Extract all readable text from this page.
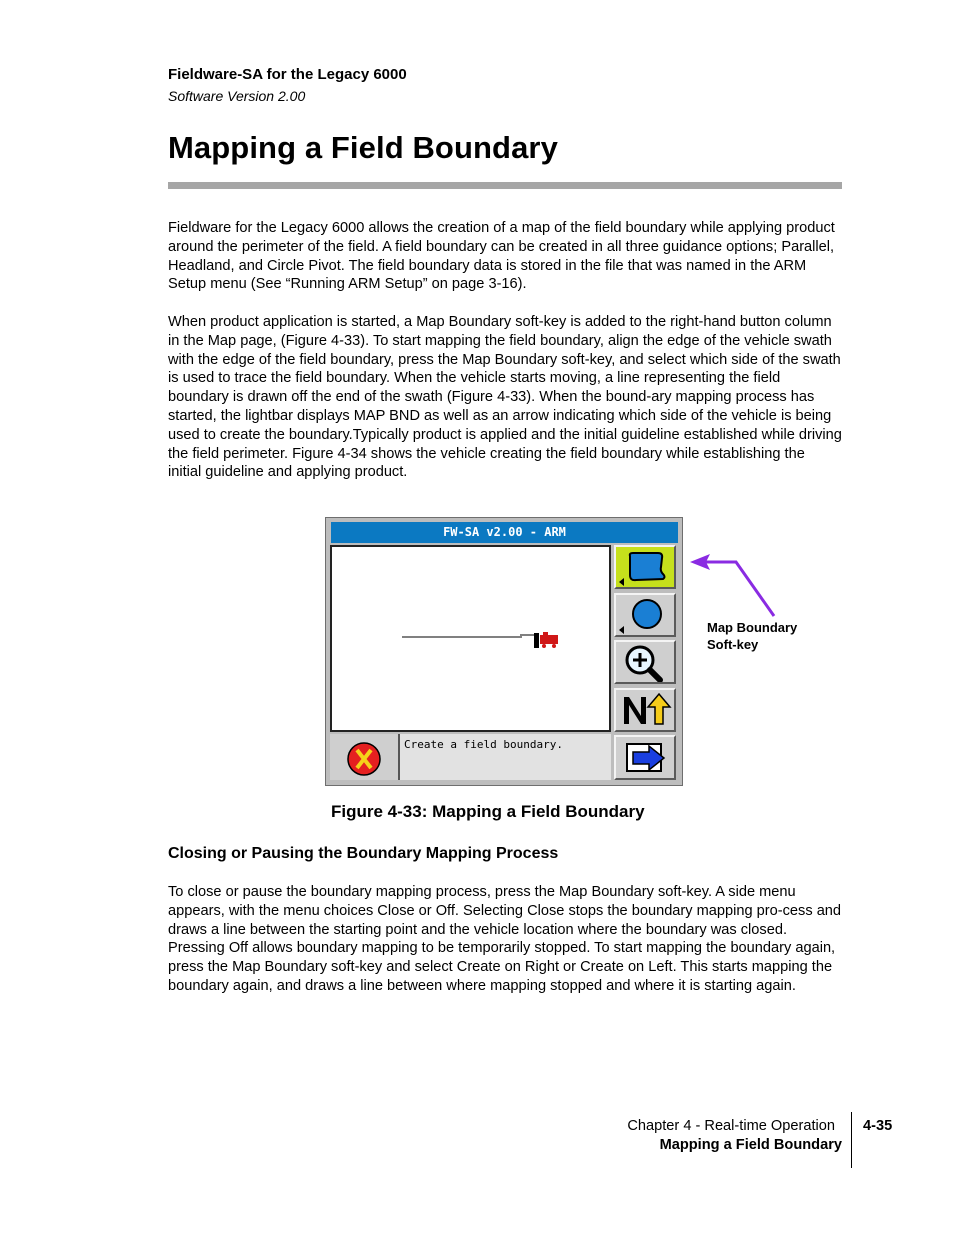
Fieldware-SA for the Legacy 6000
Software Version 2.00
Mapping a Field Boundary
Fieldware for the Legacy 6000 allows the creation of a map of the field boundary while applying product around the perimeter of the field. A field boundary can be created in all three guidance options; Parallel, Headland, and Circle Pivot. The field boundary data is stored in the file that was named in the ARM Setup menu (See “Running ARM Setup” on page 3-16).
When product application is started, a Map Boundary soft-key is added to the right-hand button column in the Map page, (Figure 4-33). To start mapping the field boundary, align the edge of the vehicle swath with the edge of the field boundary, press the Map Boundary soft-key, and select which side of the swath is used to trace the field boundary. When the vehicle starts moving, a line representing the field boundary is drawn off the end of the swath (Figure 4-33). When the bound-ary mapping process has started, the lightbar displays MAP BND as well as an arrow indicating which side of the vehicle is being used to create the boundary.Typically product is applied and the initial guideline established while driving the field perimeter. Figure 4-34 shows the vehicle creating the field boundary while establishing the initial guideline and applying product.
FW-SA v2.00 - ARM
Create a field boundary.
Map Boundary
Soft-key
Figure 4-33: Mapping a Field Boundary
Closing or Pausing the Boundary Mapping Process
To close or pause the boundary mapping process, press the Map Boundary soft-key. A side menu appears, with the menu choices Close or Off. Selecting Close stops the boundary mapping pro-cess and draws a line between the starting point and the vehicle location where the boundary was closed. Pressing Off allows boundary mapping to be temporarily stopped. To start mapping the boundary again, press the Map Boundary soft-key and select Create on Right or Create on Left. This starts mapping the boundary again, and draws a line between where mapping stopped and where it is starting again.
Chapter 4 - Real-time Operation
Mapping a Field Boundary
4-35
